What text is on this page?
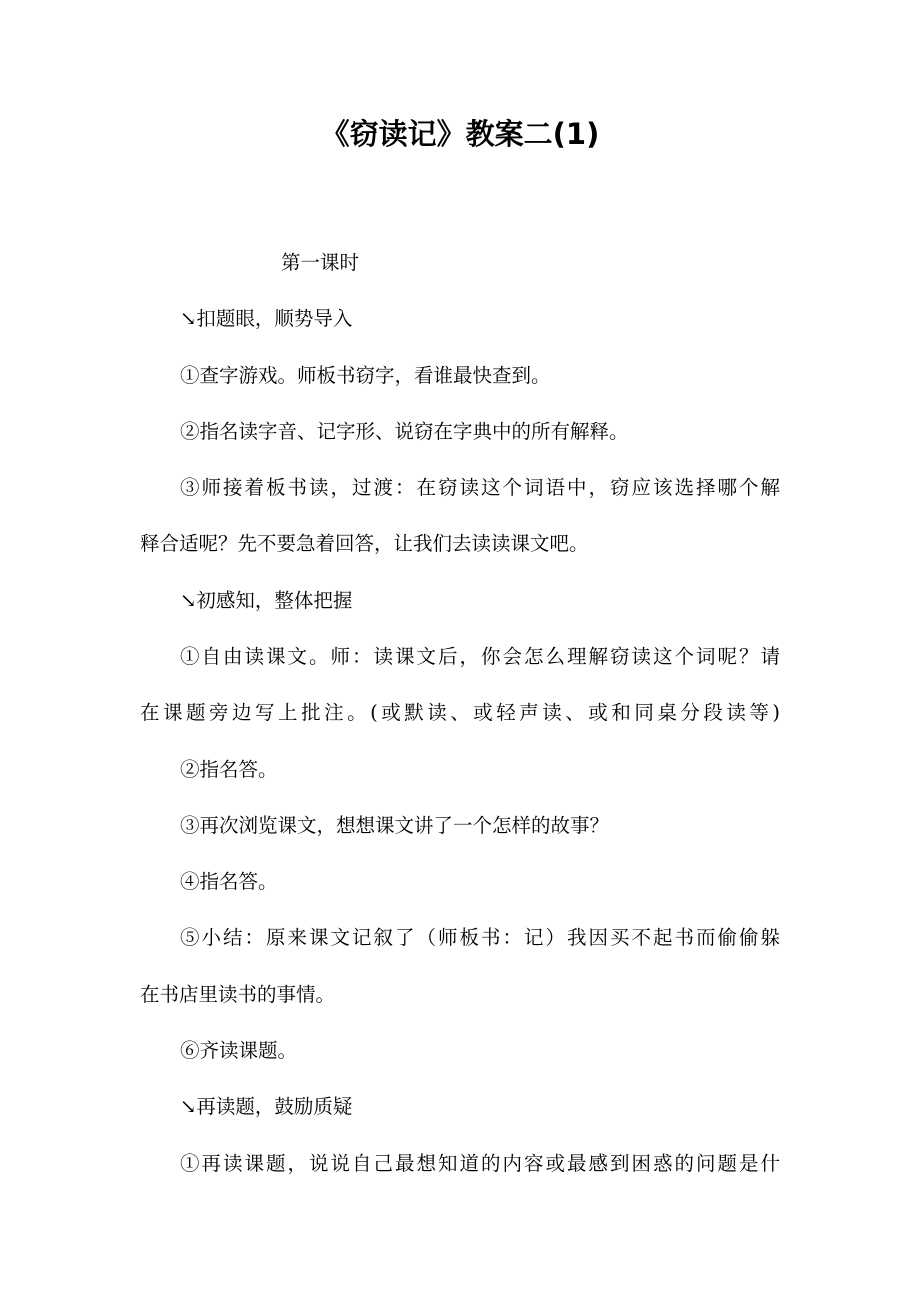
《窃读记》教案二(1)
第一课时
↘扣题眼，顺势导入
①查字游戏。师板书窃字，看谁最快查到。
②指名读字音、记字形、说窃在字典中的所有解释。
③师接着板书读，过渡：在窃读这个词语中，窃应该选择哪个解
释合适呢？先不要急着回答，让我们去读读课文吧。
↘初感知，整体把握
①自由读课文。师：读课文后，你会怎么理解窃读这个词呢？请
在课题旁边写上批注。(或默读、或轻声读、或和同桌分段读等)
②指名答。
③再次浏览课文，想想课文讲了一个怎样的故事？
④指名答。
⑤小结：原来课文记叙了（师板书：记）我因买不起书而偷偷躲
在书店里读书的事情。
⑥齐读课题。
↘再读题，鼓励质疑
①再读课题，说说自己最想知道的内容或最感到困惑的问题是什
